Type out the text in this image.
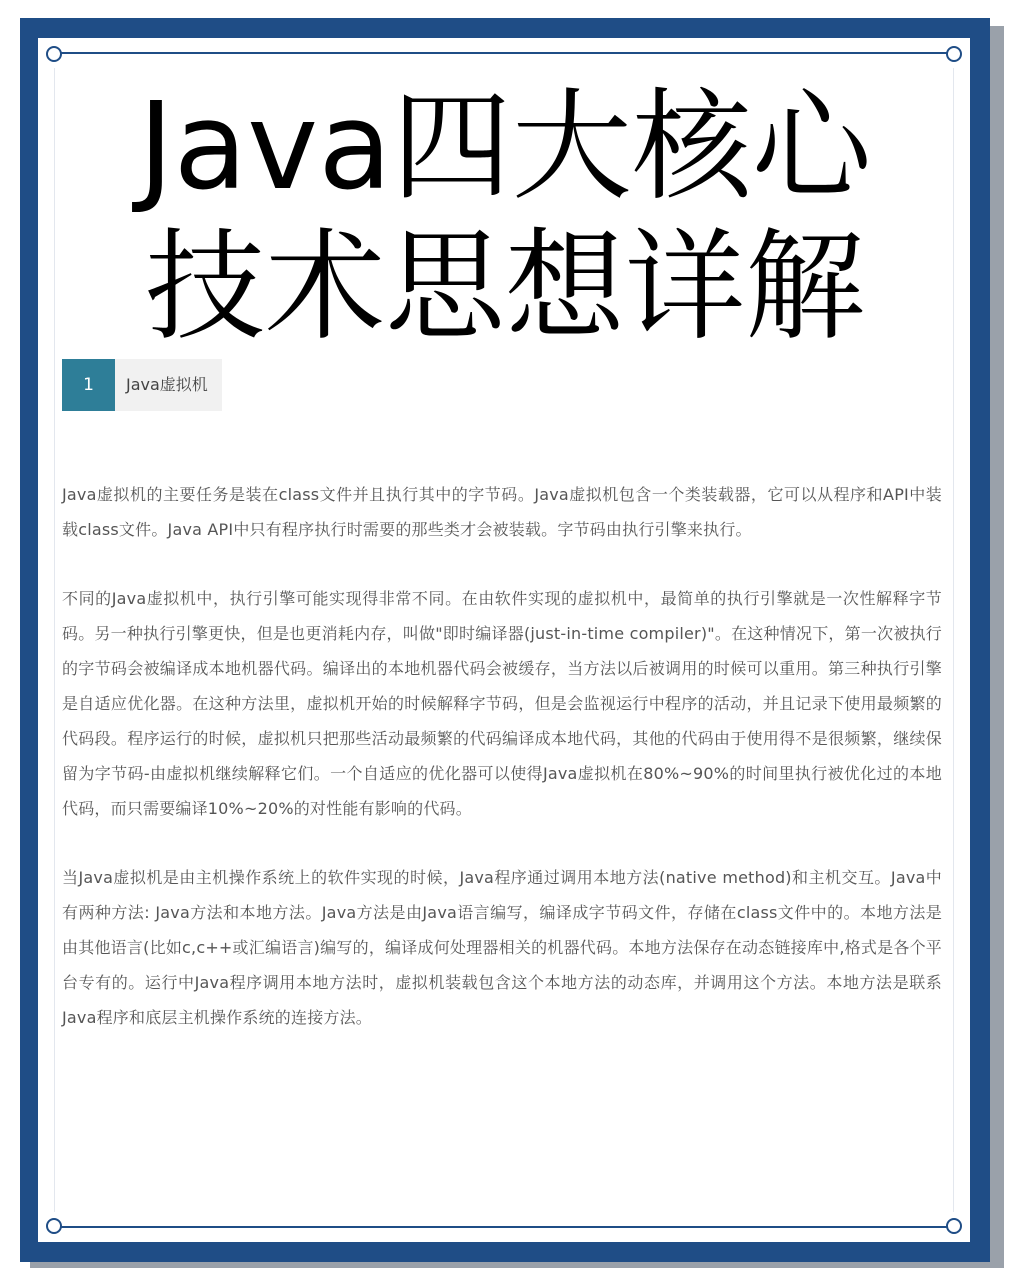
Java四大核心
技术思想详解
1	Java虚拟机

Java虚拟机的主要任务是装在class文件并且执行其中的字节码。Java虚拟机包含一个类装载器，它可以从程序和API中装载class文件。Java API中只有程序执行时需要的那些类才会被装载。字节码由执行引擎来执行。

不同的Java虚拟机中，执行引擎可能实现得非常不同。在由软件实现的虚拟机中，最简单的执行引擎就是一次性解释字节码。另一种执行引擎更快，但是也更消耗内存，叫做"即时编译器(just-in-time compiler)"。在这种情况下，第一次被执行的字节码会被编译成本地机器代码。编译出的本地机器代码会被缓存，当方法以后被调用的时候可以重用。第三种执行引擎是自适应优化器。在这种方法里，虚拟机开始的时候解释字节码，但是会监视运行中程序的活动，并且记录下使用最频繁的代码段。程序运行的时候，虚拟机只把那些活动最频繁的代码编译成本地代码，其他的代码由于使用得不是很频繁，继续保留为字节码-由虚拟机继续解释它们。一个自适应的优化器可以使得Java虚拟机在80%~90%的时间里执行被优化过的本地代码，而只需要编译10%~20%的对性能有影响的代码。

当Java虚拟机是由主机操作系统上的软件实现的时候，Java程序通过调用本地方法(native method)和主机交互。Java中有两种方法: Java方法和本地方法。Java方法是由Java语言编写，编译成字节码文件，存储在class文件中的。本地方法是由其他语言(比如c,c++或汇编语言)编写的，编译成何处理器相关的机器代码。本地方法保存在动态链接库中,格式是各个平台专有的。运行中Java程序调用本地方法时，虚拟机装载包含这个本地方法的动态库，并调用这个方法。本地方法是联系Java程序和底层主机操作系统的连接方法。
